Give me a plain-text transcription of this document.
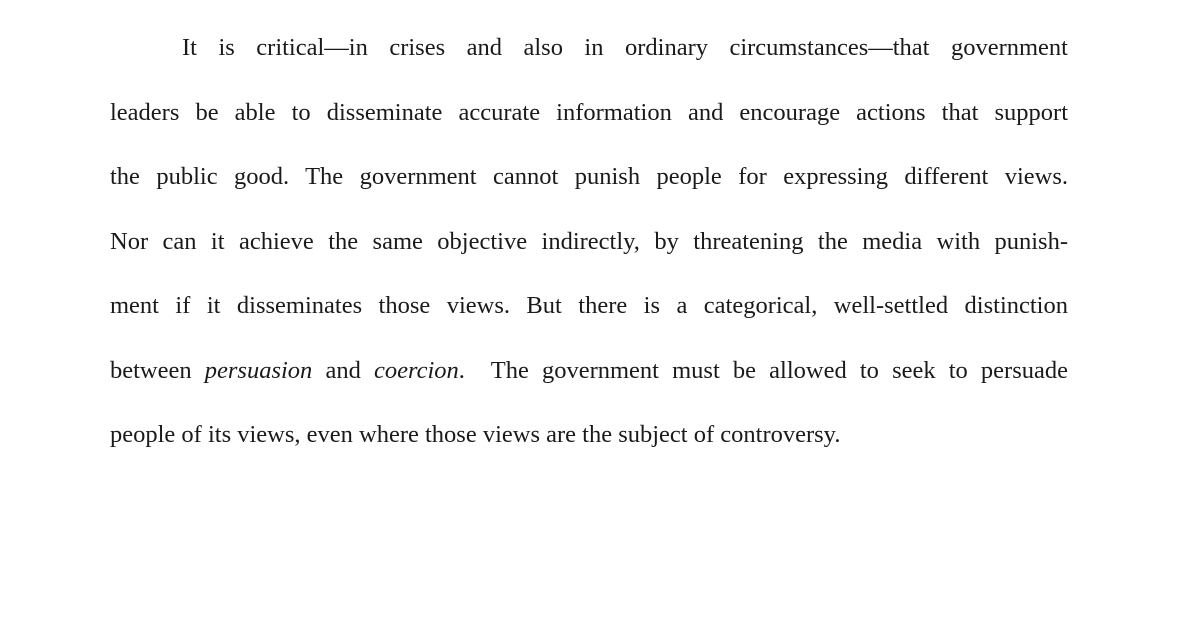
It is critical—in crises and also in ordinary circumstances—that government
leaders be able to disseminate accurate information and encourage actions that support
the public good. The government cannot punish people for expressing different views.
Nor can it achieve the same objective indirectly, by threatening the media with punish-
ment if it disseminates those views. But there is a categorical, well-settled distinction
between persuasion and coercion.  The government must be allowed to seek to persuade
people of its views, even where those views are the subject of controversy.
